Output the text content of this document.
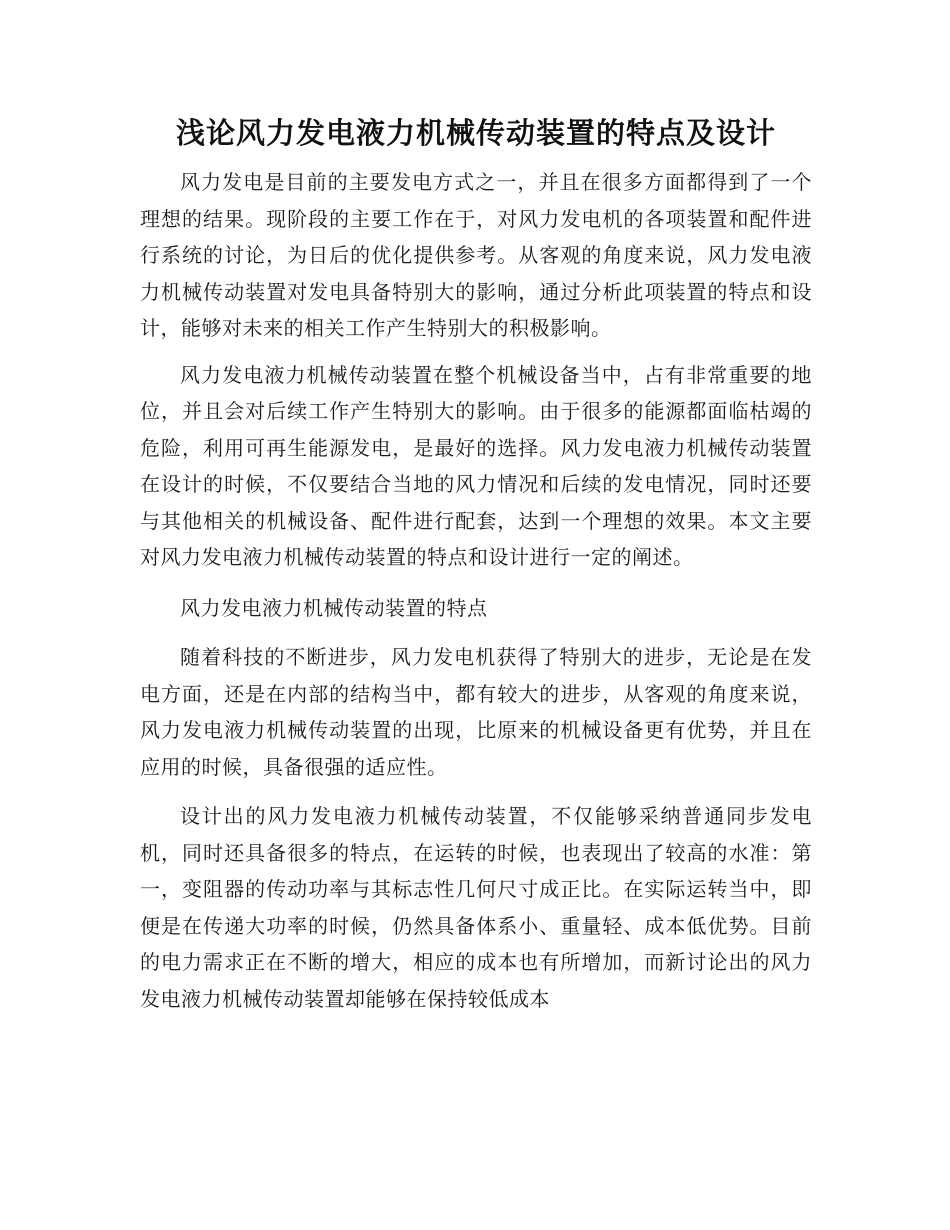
浅论风力发电液力机械传动装置的特点及设计

风力发电是目前的主要发电方式之一，并且在很多方面都得到了一个理想的结果。现阶段的主要工作在于，对风力发电机的各项装置和配件进行系统的讨论，为日后的优化提供参考。从客观的角度来说，风力发电液力机械传动装置对发电具备特别大的影响，通过分析此项装置的特点和设计，能够对未来的相关工作产生特别大的积极影响。

风力发电液力机械传动装置在整个机械设备当中，占有非常重要的地位，并且会对后续工作产生特别大的影响。由于很多的能源都面临枯竭的危险，利用可再生能源发电，是最好的选择。风力发电液力机械传动装置在设计的时候，不仅要结合当地的风力情况和后续的发电情况，同时还要与其他相关的机械设备、配件进行配套，达到一个理想的效果。本文主要对风力发电液力机械传动装置的特点和设计进行一定的阐述。

风力发电液力机械传动装置的特点

随着科技的不断进步，风力发电机获得了特别大的进步，无论是在发电方面，还是在内部的结构当中，都有较大的进步，从客观的角度来说，风力发电液力机械传动装置的出现，比原来的机械设备更有优势，并且在应用的时候，具备很强的适应性。

设计出的风力发电液力机械传动装置，不仅能够采纳普通同步发电机，同时还具备很多的特点，在运转的时候，也表现出了较高的水准：第一，变阻器的传动功率与其标志性几何尺寸成正比。在实际运转当中，即便是在传递大功率的时候，仍然具备体系小、重量轻、成本低优势。目前的电力需求正在不断的增大，相应的成本也有所增加，而新讨论出的风力发电液力机械传动装置却能够在保持较低成本
